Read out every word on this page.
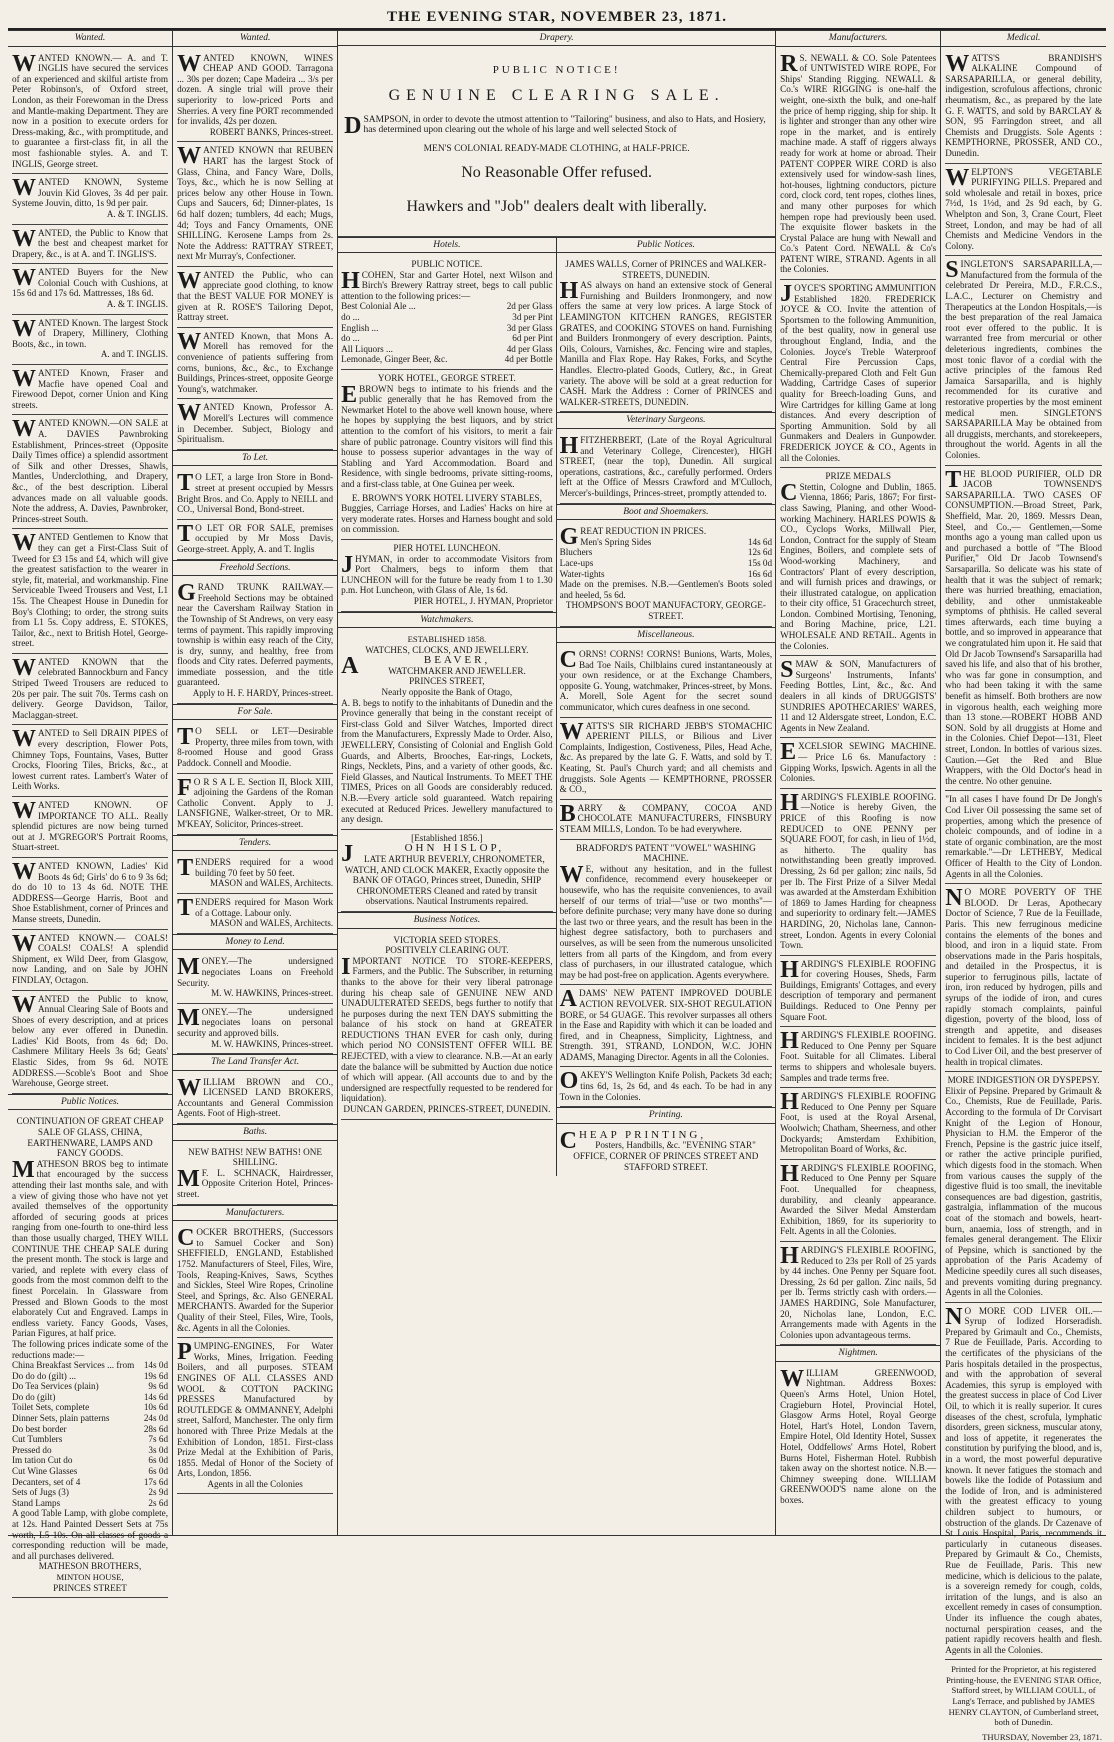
THE EVENING STAR, NOVEMBER 23, 1871.
Wanted.

WANTED KNOWN.— A. and T. INGLIS have secured the services of an experienced and skilful artiste from Peter Robinson's, of Oxford street, London, as their Forewoman in the Dress and Mantle-making Department. They are now in a position to execute orders for Dress-making, &c., with promptitude, and to guarantee a first-class fit, in all the most fashionable styles. A. and T. INGLIS, George street.

WANTED KNOWN, Systeme Jouvin Kid Gloves, 3s 4d per pair. Systeme Jouvin, ditto, 1s 9d per pair.

A. & T. INGLIS.

WANTED, the Public to Know that the best and cheapest market for Drapery, &c., is at A. and T. INGLIS'S.

WANTED Buyers for the New Colonial Couch with Cushions, at 15s 6d and 17s 6d. Mattresses, 18s 6d.

A. & T. INGLIS.

WANTED Known. The largest Stock of Drapery, Millinery, Clothing Boots, &c., in town.

A. and T. INGLIS.

WANTED Known, Fraser and Macfie have opened Coal and Firewood Depot, corner Union and King streets.

WANTED KNOWN.—ON SALE at A. DAVIES Pawnbroking Establishment, Princes-street (Opposite Daily Times office) a splendid assortment of Silk and other Dresses, Shawls, Mantles, Underclothing, and Drapery, &c., of the best description. Liberal advances made on all valuable goods. Note the address, A. Davies, Pawnbroker, Princes-street South.

WANTED Gentlemen to Know that they can get a First-Class Suit of Tweed for £3 15s and £4, which will give the greatest satisfaction to the wearer in style, fit, material, and workmanship. Fine Serviceable Tweed Trousers and Vest, L1 15s. The Cheapest House in Dunedin for Boy's Clothing; to order, the strong suits from L1 5s. Copy address, E. STOKES, Tailor, &c., next to British Hotel, George-street.

WANTED KNOWN that the celebrated Bannockburn and Fancy Striped Tweed Trousers are reduced to 20s per pair. The suit 70s. Terms cash on delivery. George Davidson, Tailor, Maclaggan-street.

WANTED to Sell DRAIN PIPES of every description, Flower Pots, Chimney Tops, Fountains, Vases, Butter Crocks, Flooring Tiles, Bricks, &c., at lowest current rates. Lambert's Water of Leith Works.

WANTED KNOWN. OF IMPORTANCE TO ALL. Really splendid pictures are now being turned out at J. M'GREGOR'S Portrait Rooms, Stuart-street.

WANTED KNOWN, Ladies' Kid Boots 4s 6d; Girls' do 6 to 9 3s 6d; do do 10 to 13 4s 6d. NOTE THE ADDRESS—George Harris, Boot and Shoe Establishment, corner of Princes and Manse streets, Dunedin.

WANTED KNOWN.— COALS! COALS! COALS! A splendid Shipment, ex Wild Deer, from Glasgow, now Landing, and on Sale by JOHN FINDLAY, Octagon.

WANTED the Public to know, Annual Clearing Sale of Boots and Shoes of every description, and at prices below any ever offered in Dunedin. Ladies' Kid Boots, from 4s 6d; Do. Cashmere Military Heels 3s 6d; Geats' Elastic Sides, from 9s 6d. NOTE ADDRESS.—Scoble's Boot and Shoe Warehouse, George street.

Public Notices.

CONTINUATION OF GREAT CHEAP SALE OF GLASS, CHINA, EARTHENWARE, LAMPS AND FANCY GOODS.

MATHESON BROS beg to intimate that encouraged by the success attending their last months sale, and with a view of giving those who have not yet availed themselves of the opportunity afforded of securing goods at prices ranging from one-fourth to one-third less than those usually charged, THEY WILL CONTINUE THE CHEAP SALE during the present month. The stock is large and varied, and replete with every class of goods from the most common delft to the finest Porcelain. In Glassware from Pressed and Blown Goods to the most elaborately Cut and Engraved. Lamps in endless variety. Fancy Goods, Vases, Parian Figures, at half price.

The following prices indicate some of the reductions made:—

China Breakfast Services ... from 14s 0d
Do do do (gilt) ...	19s 6d
Do Tea Services (plain)	9s 6d
Do do (gilt)	14s 6d
Toilet Sets, complete	10s 6d
Dinner Sets, plain patterns	24s 0d
Do best border	28s 6d
Cut Tumblers	7s 6d
Pressed do	3s 0d
Im tation Cut do	6s 0d
Cut Wine Glasses	6s 0d
Decanters, set of 4	17s 6d
Sets of Jugs (3)	2s 9d
Stand Lamps	2s 6d

A good Table Lamp, with globe complete, at 12s. Hand Painted Dessert Sets at 75s worth, L5 10s. On all classes of goods a corresponding reduction will be made, and all purchases delivered.

MATHESON BROTHERS,

MINTON HOUSE,

PRINCES STREET

Wanted.

WANTED KNOWN, WINES CHEAP AND GOOD. Tarragona ... 30s per dozen; Cape Madeira ... 3/s per dozen. A single trial will prove their superiority to low-priced Ports and Sherries. A very fine PORT recommended for invalids, 42s per dozen.

ROBERT BANKS, Princes-street.

WANTED KNOWN that REUBEN HART has the largest Stock of Glass, China, and Fancy Ware, Dolls, Toys, &c., which he is now Selling at prices below any other House in Town. Cups and Saucers, 6d; Dinner-plates, 1s 6d half dozen; tumblers, 4d each; Mugs, 4d; Toys and Fancy Ornaments, ONE SHILLING. Kerosene Lamps from 2s. Note the Address: RATTRAY STREET, next Mr Murray's, Confectioner.

WANTED the Public, who can appreciate good clothing, to know that the BEST VALUE FOR MONEY is given at R. ROSE'S Tailoring Depot, Rattray street.

WANTED Known, that Mons A. Morell has removed for the convenience of patients suffering from corns, bunions, &c., &c., to Exchange Buildings, Princes-street, opposite George Young's, watchmaker.

WANTED Known, Professor A. Morell's Lectures will commence in December. Subject, Biology and Spiritualism.

To Let.

T O LET, a large Iron Store in Bond-street at present occupied by Messrs Bright Bros. and Co. Apply to NEILL and CO., Universal Bond, Bond-street.

T O LET OR FOR SALE, premises occupied by Mr Moss Davis, George-street. Apply, A. and T. Inglis

Freehold Sections.

GRAND TRUNK RAILWAY.—Freehold Sections may be obtained near the Caversham Railway Station in the Township of St Andrews, on very easy terms of payment. This rapidly improving township is within easy reach of the City, is dry, sunny, and healthy, free from floods and City rates. Deferred payments, immediate possession, and the title guaranteed.

Apply to H. F. HARDY, Princes-street.

For Sale.

T O SELL or LET—Desirable Property, three miles from town, with 8-roomed House and good Grass Paddock. Connell and Moodie.

F O R S A L E. Section II, Block XIII, adjoining the Gardens of the Roman Catholic Convent. Apply to J. LANSFIGNE, Walker-street, Or to MR. M'KEAY, Solicitor, Princes-street.

Tenders.

TENDERS required for a wood building 70 feet by 50 feet.

MASON and WALES, Architects.

TENDERS required for Mason Work of a Cottage. Labour only.

MASON and WALES, Architects.

Money to Lend.

MONEY.—The undersigned negociates Loans on Freehold Security.

M. W. HAWKINS, Princes-street.

MONEY.—The undersigned negociates loans on personal security and approved bills.

M. W. HAWKINS, Princes-street.

The Land Transfer Act.

WILLIAM BROWN and CO., LICENSED LAND BROKERS, Accountants and General Commission Agents. Foot of High-street.

Baths.

NEW BATHS! NEW BATHS! ONE SHILLING.

M F. L. SCHNACK, Hairdresser, Opposite Criterion Hotel, Princes-street.

Manufacturers.

COCKER BROTHERS, (Successors to Samuel Cocker and Son) SHEFFIELD, ENGLAND, Established 1752. Manufacturers of Steel, Files, Wire, Tools, Reaping-Knives, Saws, Scythes and Sickles, Steel Wire Ropes, Crinoline Steel, and Springs, &c. Also GENERAL MERCHANTS. Awarded for the Superior Quality of their Steel, Files, Wire, Tools, &c. Agents in all the Colonies.

PUMPING-ENGINES, For Water Works, Mines, Irrigation. Feeding Boilers, and all purposes. STEAM ENGINES OF ALL CLASSES AND WOOL & COTTON PACKING PRESSES Manufactured by ROUTLEDGE & OMMANNEY, Adelphi street, Salford, Manchester. The only firm honored with Three Prize Medals at the Exhibition of London, 1851. First-class Prize Medal at the Exhibition of Paris, 1855. Medal of Honor of the Society of Arts, London, 1856.

Agents in all the Colonies

Drapery.

PUBLIC NOTICE!

GENUINE CLEARING SALE.

DSAMPSON, in order to devote the utmost attention to "Tailoring" business, and also to Hats, and Hosiery, has determined upon clearing out the whole of his large and well selected Stock of

MEN'S COLONIAL READY-MADE CLOTHING, at HALF-PRICE.

No Reasonable Offer refused.

Hawkers and "Job" dealers dealt with liberally.

Hotels.

PUBLIC NOTICE.

HCOHEN, Star and Garter Hotel, next Wilson and Birch's Brewery Rattray street, begs to call public attention to the following prices:—

Best Colonial Ale ...	2d per Glass
do ...	3d per Pint
English ...	3d per Glass
do ...	6d per Pint
All Liquors ...	4d per Glass
Lemonade, Ginger Beer, &c.	4d per Bottle

YORK HOTEL, GEORGE STREET.

EBROWN begs to intimate to his friends and the public generally that he has Removed from the Newmarket Hotel to the above well known house, where he hopes by supplying the best liquors, and by strict attention to the comfort of his visitors, to merit a fair share of public patronage. Country visitors will find this house to possess superior advantages in the way of Stabling and Yard Accommodation. Board and Residence, with single bedrooms, private sitting-rooms, and a first-class table, at One Guinea per week.

E. BROWN'S YORK HOTEL LIVERY STABLES,

Buggies, Carriage Horses, and Ladies' Hacks on hire at very moderate rates. Horses and Harness bought and sold on commission.

PIER HOTEL LUNCHEON.

JHYMAN, in order to accommodate Visitors from Port Chalmers, begs to inform them that LUNCHEON will for the future be ready from 1 to 1.30 p.m. Hot Luncheon, with Glass of Ale, 1s 6d.

PIER HOTEL, J. HYMAN, Proprietor

Watchmakers.

ESTABLISHED 1858.

WATCHES, CLOCKS, AND JEWELLERY.

A	BEAVER,

WATCHMAKER AND JEWELLER.

PRINCES STREET,

Nearly opposite the Bank of Otago,

A. B. begs to notify to the inhabitants of Dunedin and the Province generally that being in the constant receipt of First-class Gold and Silver Watches, Imported direct from the Manufacturers, Expressly Made to Order. Also, JEWELLERY, Consisting of Colonial and English Gold Guards, and Alberts, Brooches, Ear-rings, Lockets, Rings, Necklets, Pins, and a variety of other goods, &c. Field Glasses, and Nautical Instruments. To MEET THE TIMES, Prices on all Goods are considerably reduced. N.B.—Every article sold guaranteed. Watch repairing executed at Reduced Prices. Jewellery manufactured to any design.

[Established 1856.]

J	OHN HISLOP,

LATE ARTHUR BEVERLY, CHRONOMETER, WATCH, AND CLOCK MAKER, Exactly opposite the BANK OF OTAGO, Princes street, Dunedin, SHIP CHRONOMETERS Cleaned and rated by transit observations. Nautical Instruments repaired.

Business Notices.

VICTORIA SEED STORES.

POSITIVELY CLEARING OUT.

IMPORTANT NOTICE TO STORE-KEEPERS, Farmers, and the Public. The Subscriber, in returning thanks to the above for their very liberal patronage during his cheap sale of GENUINE NEW AND UNADULTERATED SEEDS, begs further to notify that he purposes during the next TEN DAYS submitting the balance of his stock on hand at GREATER REDUCTIONS THAN EVER for cash only, during which period NO CONSISTENT OFFER WILL BE REJECTED, with a view to clearance. N.B.—At an early date the balance will be submitted by Auction due notice of which will appear. (All accounts due to and by the undersigned are respectfully requested to be rendered for liquidation).

DUNCAN GARDEN, PRINCES-STREET, DUNEDIN.

Public Notices.

JAMES WALLS, Corner of PRINCES and WALKER-STREETS, DUNEDIN.

HAS always on hand an extensive stock of General Furnishing and Builders Ironmongery, and now offers the same at very low prices. A large Stock of LEAMINGTON KITCHEN RANGES, REGISTER GRATES, and COOKING STOVES on hand. Furnishing and Builders Ironmongery of every description. Paints, Oils, Colours, Varnishes, &c. Fencing wire and staples, Manilla and Flax Rope. Hay Rakes, Forks, and Scythe Handles. Electro-plated Goods, Cutlery, &c., in Great variety. The above will be sold at a great reduction for CASH. Mark the Address : Corner of PRINCES and WALKER-STREETS, DUNEDIN.

Veterinary Surgeons.

HFITZHERBERT, (Late of the Royal Agricultural and Veterinary College, Cirencester), HIGH STREET, (near the top), Dunedin. All surgical operations, castrations, &c., carefully performed. Orders left at the Office of Messrs Crawford and M'Culloch, Mercer's-buildings, Princes-street, promptly attended to.

Boot and Shoemakers.

GREAT REDUCTION IN PRICES.

Men's Spring Sides	14s 6d
Bluchers	12s 6d
Lace-ups	15s 0d
Water-tights	16s 6d

Made on the premises. N.B.—Gentlemen's Boots soled and heeled, 5s 6d.

THOMPSON'S BOOT MANUFACTORY, GEORGE-STREET.

Miscellaneous.

CORNS! CORNS! CORNS! Bunions, Warts, Moles, Bad Toe Nails, Chilblains cured instantaneously at your own residence, or at the Exchange Chambers, opposite G. Young, watchmaker, Princes-street, by Mons. A. Morell, Sole Agent for the secret sound communicator, which cures deafness in one second.

WATTS'S SIR RICHARD JEBB'S STOMACHIC APERIENT PILLS, or Bilious and Liver Complaints, Indigestion, Costiveness, Piles, Head Ache, &c. As prepared by the late G. F. Watts, and sold by T. Keating, St. Paul's Church yard; and all chemists and druggists. Sole Agents — KEMPTHORNE, PROSSER & CO.,

BARRY & COMPANY, COCOA AND CHOCOLATE MANUFACTURERS, FINSBURY STEAM MILLS, London. To be had everywhere.

BRADFORD'S PATENT "VOWEL" WASHING MACHINE.

W E, without any hesitation, and in the fullest confidence, recommend every housekeeper or housewife, who has the requisite conveniences, to avail herself of our terms of trial—"use or two months"—before definite purchase; very many have done so during the last two or three years, and the result has been in the highest degree satisfactory, both to purchasers and ourselves, as will be seen from the numerous unsolicited letters from all parts of the Kingdom, and from every class of purchasers, in our illustrated catalogue, which may be had post-free on application. Agents everywhere.

ADAMS' NEW PATENT IMPROVED DOUBLE ACTION REVOLVER. SIX-SHOT REGULATION BORE, or 54 GUAGE. This revolver surpasses all others in the Ease and Rapidity with which it can be loaded and fired, and in Cheapness, Simplicity, Lightness, and Strength. 391, STRAND, LONDON, W.C. JOHN ADAMS, Managing Director. Agents in all the Colonies.

OAKEY'S Wellington Knife Polish, Packets 3d each; tins 6d, 1s, 2s 6d, and 4s each. To be had in any Town in the Colonies.

Printing.

CHEAP PRINTING,

Posters, Handbills, &c. "EVENING STAR" OFFICE, CORNER OF PRINCES STREET AND STAFFORD STREET.

Manufacturers.

R S. NEWALL & CO. Sole Patentees of UNTWISTED WIRE ROPE, For Ships' Standing Rigging. NEWALL & Co.'s WIRE RIGGING is one-half the weight, one-sixth the bulk, and one-half the price of hemp rigging, ship for ship. It is lighter and stronger than any other wire rope in the market, and is entirely machine made. A staff of riggers always ready for work at home or abroad. Their PATENT COPPER WIRE CORD is also extensively used for window-sash lines, hot-houses, lightning conductors, picture cord, clock cord, tent ropes, clothes lines, and many other purposes for which hempen rope had previously been used. The exquisite flower baskets in the Crystal Palace are hung with Newall and Co.'s Patent Cord. NEWALL & Co's PATENT WIRE, STRAND. Agents in all the Colonies.

JOYCE'S SPORTING AMMUNITION Established 1820. FREDERICK JOYCE & CO. Invite the attention of Sportsmen to the following Ammunition, of the best quality, now in general use throughout England, India, and the Colonies. Joyce's Treble Waterproof Central Fire Percussion Caps, Chemically-prepared Cloth and Felt Gun Wadding, Cartridge Cases of superior quality for Breech-loading Guns, and Wire Cartridges for killing Game at long distances. And every description of Sporting Ammunition. Sold by all Gunmakers and Dealers in Gunpowder. FREDERICK JOYCE & CO., Agents in all the Colonies.

PRIZE MEDALS

C Stettin, Cologne and Dublin, 1865. Vienna, 1866; Paris, 1867; For first-class Sawing, Planing, and other Wood-working Machinery. HARLES POWIS & CO., Cyclops Works, Millwall Pier, London, Contract for the supply of Steam Engines, Boilers, and complete sets of Wood-working Machinery, and Contractors' Plant of every description, and will furnish prices and drawings, or their illustrated catalogue, on application to their city office, 51 Gracechurch street, London. Combined Mortising, Tenoning, and Boring Machine, price, L21. WHOLESALE AND RETAIL. Agents in the Colonies.

SMAW & SON, Manufacturers of Surgeons' Instruments, Infants' Feeding Bottles, Lint, &c., &c. And dealers in all kinds of DRUGGISTS' SUNDRIES APOTHECARIES' WARES, 11 and 12 Aldersgate street, London, E.C. Agents in New Zealand.

EXCELSIOR SEWING MACHINE.— Price L6 6s. Manufactory : Gipping Works, Ipswich. Agents in all the Colonies.

HARDING'S FLEXIBLE ROOFING. —Notice is hereby Given, the PRICE of this Roofing is now REDUCED to ONE PENNY per SQUARE FOOT, for cash, in lieu of 1½d, as hitherto. The quality has notwithstanding been greatly improved. Dressing, 2s 6d per gallon; zinc nails, 5d per lb. The First Prize of a Silver Medal was awarded at the Amsterdam Exhibition of 1869 to James Harding for cheapness and superiority to ordinary felt.—JAMES HARDING, 20, Nicholas lane, Cannon-street, London. Agents in every Colonial Town.

HARDING'S FLEXIBLE ROOFING for covering Houses, Sheds, Farm Buildings, Emigrants' Cottages, and every description of temporary and permanent Buildings. Reduced to One Penny per Square Foot.

HARDING'S FLEXIBLE ROOFING. Reduced to One Penny per Square Foot. Suitable for all Climates. Liberal terms to shippers and wholesale buyers. Samples and trade terms free.

HARDING'S FLEXIBLE ROOFING Reduced to One Penny per Square Foot, is used at the Royal Arsenal, Woolwich; Chatham, Sheerness, and other Dockyards; Amsterdam Exhibition, Metropolitan Board of Works, &c.

HARDING'S FLEXIBLE ROOFING, Reduced to One Penny per Square Foot. Unequalled for cheapness, durability, and cleanly appearance. Awarded the Silver Medal Amsterdam Exhibition, 1869, for its superiority to Felt. Agents in all the Colonies.

HARDING'S FLEXIBLE ROOFING, Reduced to 23s per Roll of 25 yards by 44 inches. One Penny per Square foot. Dressing, 2s 6d per gallon. Zinc nails, 5d per lb. Terms strictly cash with orders.—JAMES HARDING, Sole Manufacturer, 20, Nicholas lane, London, E.C. Arrangements made with Agents in the Colonies upon advantageous terms.

Nightmen.

WILLIAM GREENWOOD, Nightman. Address Boxes: Queen's Arms Hotel, Union Hotel, Cragieburn Hotel, Provincial Hotel, Glasgow Arms Hotel, Royal George Hotel, Hart's Hotel, London Tavern, Empire Hotel, Old Identity Hotel, Sussex Hotel, Oddfellows' Arms Hotel, Robert Burns Hotel, Fisherman Hotel. Rubbish taken away on the shortest notice. N.B.—Chimney sweeping done. WILLIAM GREENWOOD'S name alone on the boxes.

Medical.

WATTS'S BRANDISH'S ALKALINE Compound of SARSAPARILLA, or general debility, indigestion, scrofulous affections, chronic rheumatism, &c., as prepared by the late G. F. WATTS, and sold by BARCLAY & SON, 95 Farringdon street, and all Chemists and Druggists. Sole Agents : KEMPTHORNE, PROSSER, AND CO., Dunedin.

WELPTON'S VEGETABLE PURIFYING PILLS. Prepared and sold wholesale and retail in boxes, price 7½d, 1s 1½d, and 2s 9d each, by G. Whelpton and Son, 3, Crane Court, Fleet Street, London, and may be had of all Chemists and Medicine Vendors in the Colony.

SINGLETON'S SARSAPARILLA,— Manufactured from the formula of the celebrated Dr Pereira, M.D., F.R.C.S., L.A.C., Lecturer on Chemistry and Therapeutics at the London Hospitals,—is the best preparation of the real Jamaica root ever offered to the public. It is warranted free from mercurial or other deleterious ingredients, combines the most tonic flavor of a cordial with the active principles of the famous Red Jamaica Sarsaparilla, and is highly recommended for its curative and restorative properties by the most eminent medical men. SINGLETON'S SARSAPARILLA May be obtained from all druggists, merchants, and storekeepers, throughout the world. Agents in all the Colonies.

THE BLOOD PURIFIER, OLD DR JACOB TOWNSEND'S SARSAPARILLA. TWO CASES OF CONSUMPTION.—Broad Street, Park, Sheffield, Mar. 20, 1869. Messrs Dean, Steel, and Co.,— Gentlemen,—Some months ago a young man called upon us and purchased a bottle of "The Blood Purifier," Old Dr Jacob Townsend's Sarsaparilla. So delicate was his state of health that it was the subject of remark; there was hurried breathing, emaciation, debility, and other unmistakeable symptoms of phthisis. He called several times afterwards, each time buying a bottle, and so improved in appearance that we congratulated him upon it. He said that Old Dr Jacob Townsend's Sarsaparilla had saved his life, and also that of his brother, who was far gone in consumption, and who had been taking it with the same benefit as himself. Both brothers are now in vigorous health, each weighing more than 13 stone.—ROBERT HOBB AND SON. Sold by all druggists at Home and in the Colonies. Chief Depot—131, Fleet street, London. In bottles of various sizes. Caution.—Get the Red and Blue Wrappers, with the Old Doctor's head in the centre. No other genuine.

"In all cases I have found Dr De Jongh's Cod Liver Oil possessing the same set of properties, among which the presence of choleic compounds, and of iodine in a state of organic combination, are the most remarkable."—Dr LETHEBY, Medical Officer of Health to the City of London. Agents in all the Colonies.

N O MORE POVERTY OF THE BLOOD. Dr Leras, Apothecary Doctor of Science, 7 Rue de la Feuillade, Paris. This new ferruginous medicine contains the elements of the bones and blood, and iron in a liquid state. From observations made in the Paris hospitals, and detailed in the Prospectus, it is superior to ferruginous pills, lactate of iron, iron reduced by hydrogen, pills and syrups of the iodide of iron, and cures rapidly stomach complaints, painful digestion, poverty of the blood, loss of strength and appetite, and diseases incident to females. It is the best adjunct to Cod Liver Oil, and the best preserver of health in tropical climates.

MORE INDIGESTION OR DYSPEPSY.

Elixir of Pepsine. Prepared by Grimault & Co., Chemists, Rue de Feuillade, Paris. According to the formula of Dr Corvisart Knight of the Legion of Honour, Physician to H.M. the Emperor of the French, Pepsine is the gastric juice itself, or rather the active principle purified, which digests food in the stomach. When from various causes the supply of the digestive fluid is too small, the inevitable consequences are bad digestion, gastritis, gastralgia, inflammation of the mucous coat of the stomach and bowels, heart-burn, anaemia, loss of strength, and in females general derangement. The Elixir of Pepsine, which is sanctioned by the approbation of the Paris Academy of Medicine speedily cures all such diseases, and prevents vomiting during pregnancy. Agents in all the Colonies.

N O MORE COD LIVER OIL.— Syrup of Iodized Horseradish. Prepared by Grimault and Co., Chemists, 7 Rue de Feuillade, Paris. According to the certificates of the physicians of the Paris hospitals detailed in the prospectus, and with the approbation of several Academies, this syrup is employed with the greatest success in place of Cod Liver Oil, to which it is really superior. It cures diseases of the chest, scrofula, lymphatic disorders, green sickness, muscular atony, and loss of appetite, it regenerates the constitution by purifying the blood, and is, in a word, the most powerful depurative known. It never fatigues the stomach and bowels like the Iodide of Potassium and the Iodide of Iron, and is administered with the greatest efficacy to young children subject to humours, or obstruction of the glands. Dr Cazenave of St Louis Hospital, Paris, recommends it particularly in cutaneous diseases. Prepared by Grimault & Co., Chemists, Rue de Feuillade, Paris. This new medicine, which is delicious to the palate, is a sovereign remedy for cough, colds, irritation of the lungs, and is also an excellent remedy in cases of consumption. Under its influence the cough abates, nocturnal perspiration ceases, and the patient rapidly recovers health and flesh. Agents in all the Colonies.

Printed for the Proprietor, at his registered Printing-house, the EVENING STAR Office, Stafford street, by WILLIAM COULL, of Lang's Terrace, and published by JAMES HENRY CLAYTON, of Cumberland street, both of Dunedin.
THURSDAY, November 23, 1871.
